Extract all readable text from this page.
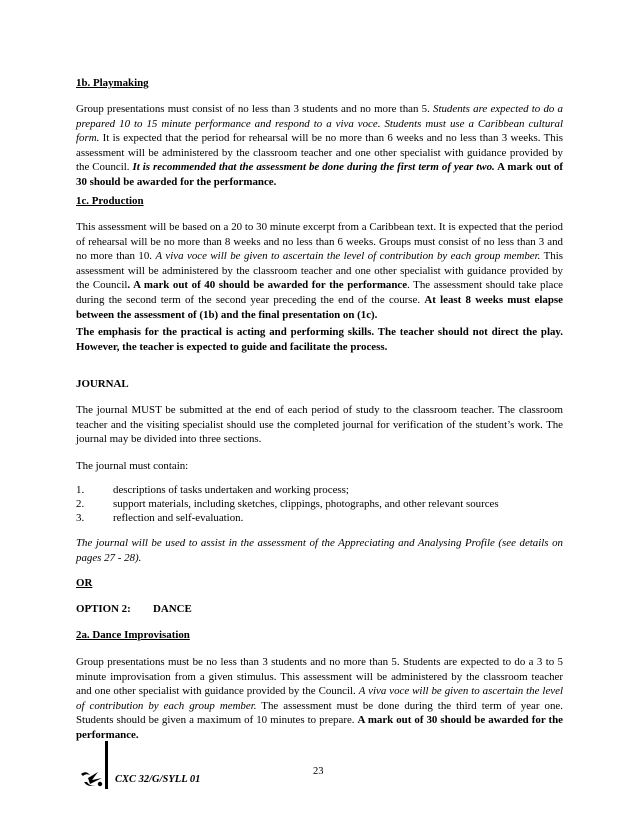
1b. Playmaking

Group presentations must consist of no less than 3 students and no more than 5. Students are expected to do a prepared 10 to 15 minute performance and respond to a viva voce. Students must use a Caribbean cultural form. It is expected that the period for rehearsal will be no more than 6 weeks and no less than 3 weeks. This assessment will be administered by the classroom teacher and one other specialist with guidance provided by the Council. It is recommended that the assessment be done during the first term of year two. A mark out of 30 should be awarded for the performance.

1c. Production

This assessment will be based on a 20 to 30 minute excerpt from a Caribbean text. It is expected that the period of rehearsal will be no more than 8 weeks and no less than 6 weeks. Groups must consist of no less than 3 and no more than 10. A viva voce will be given to ascertain the level of contribution by each group member. This assessment will be administered by the classroom teacher and one other specialist with guidance provided by the Council. A mark out of 40 should be awarded for the performance. The assessment should take place during the second term of the second year preceding the end of the course. At least 8 weeks must elapse between the assessment of (1b) and the final presentation on (1c).

The emphasis for the practical is acting and performing skills. The teacher should not direct the play. However, the teacher is expected to guide and facilitate the process.

JOURNAL

The journal MUST be submitted at the end of each period of study to the classroom teacher. The classroom teacher and the visiting specialist should use the completed journal for verification of the student’s work. The journal may be divided into three sections.

The journal must contain:

1.	descriptions of tasks undertaken and working process;
2.	support materials, including sketches, clippings, photographs, and other relevant sources
3.	reflection and self-evaluation.

The journal will be used to assist in the assessment of the Appreciating and Analysing Profile (see details on pages 27 - 28).

OR

OPTION 2: DANCE

2a. Dance Improvisation

Group presentations must be no less than 3 students and no more than 5. Students are expected to do a 3 to 5 minute improvisation from a given stimulus. This assessment will be administered by the classroom teacher and one other specialist with guidance provided by the Council. A viva voce will be given to ascertain the level of contribution by each group member. The assessment must be done during the third term of year one. Students should be given a maximum of 10 minutes to prepare. A mark out of 30 should be awarded for the performance.

CXC 32/G/SYLL 01
23
